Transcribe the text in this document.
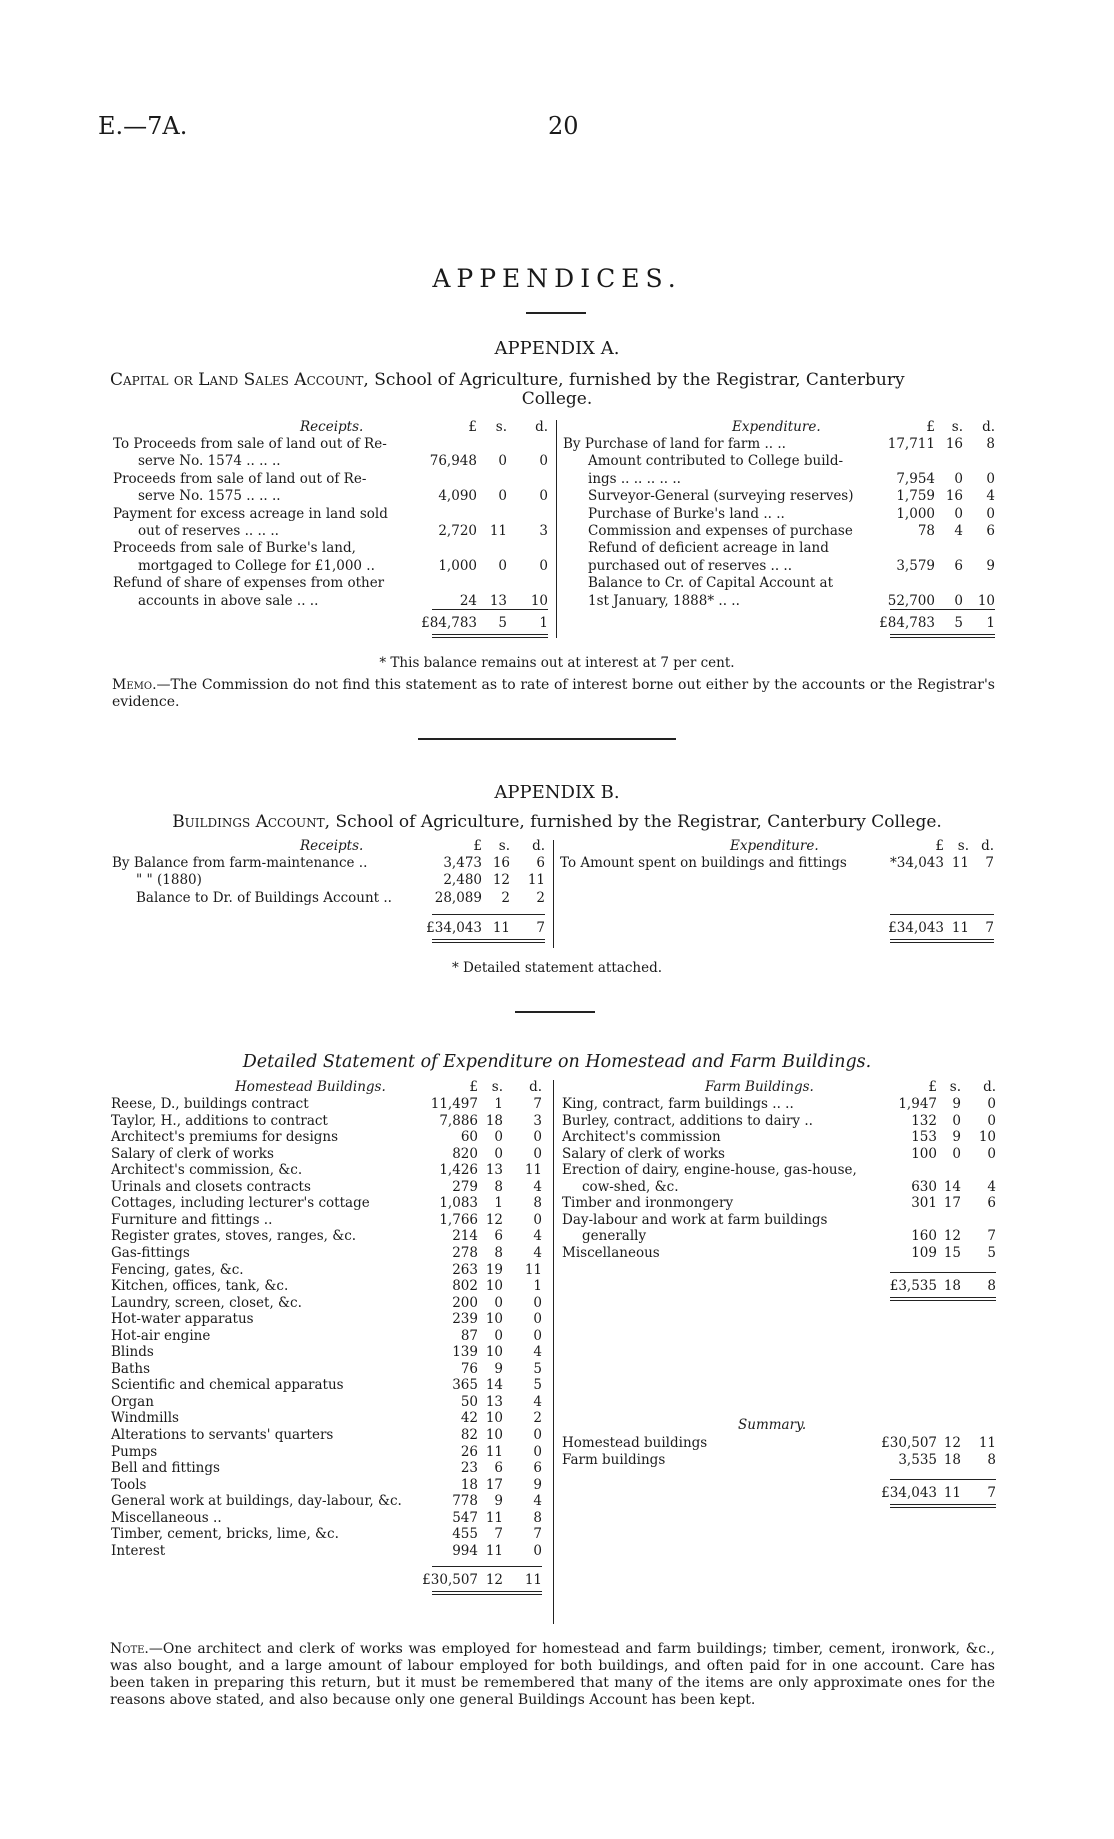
E.—7A.	20
APPENDICES.
APPENDIX A.
Capital or Land Sales Account, School of Agriculture, furnished by the Registrar, Canterbury
College.
Receipts.	Expenditure.
£	s.	d.
To Proceeds from sale of land out of Re-
serve No. 1574 .. .. ..	76,948	0	0
Proceeds from sale of land out of Re-
serve No. 1575 .. .. ..	4,090	0	0
Payment for excess acreage in land sold
out of reserves .. .. ..	2,720 11	3
Proceeds from sale of Burke's land,
mortgaged to College for £1,000 ..	1,000	0	0
Refund of share of expenses from other
accounts in above sale .. ..	24 13	10
£84,783	5	1
£	s.	d.
By Purchase of land for farm .. ..	17,711 16	8
Amount contributed to College build-
ings .. .. .. .. ..	7,954	0	0
Surveyor-General (surveying reserves)	1,759 16	4
Purchase of Burke's land .. ..	1,000	0	0
Commission and expenses of purchase	78	4	6
Refund of deficient acreage in land
purchased out of reserves .. ..	3,579	6	9
Balance to Cr. of Capital Account at
1st January, 1888* .. ..	52,700	0	10
£84,783	5	1
* This balance remains out at interest at 7 per cent.
Memo.—The Commission do not find this statement as to rate of interest borne out either by the accounts or the Registrar's evidence.
APPENDIX B.
Buildings Account, School of Agriculture, furnished by the Registrar, Canterbury College.
Receipts.	Expenditure.
£	s.	d.
By Balance from farm-maintenance ..	3,473 16	6
" " (1880)	2,480 12	11
Balance to Dr. of Buildings Account ..	28,089	2	2
£34,043 11	7
£	s. d.
To Amount spent on buildings and fittings	*34,043 11	7
£34,043 11	7
* Detailed statement attached.
Detailed Statement of Expenditure on Homestead and Farm Buildings.
Homestead Buildings.	Farm Buildings.
£	s.	d.
Reese, D., buildings contract	11,497	1	7
Taylor, H., additions to contract	7,886 18	3
Architect's premiums for designs	60	0	0
Salary of clerk of works	820	0	0
Architect's commission, &c.	1,426 13	11
Urinals and closets contracts	279	8	4
Cottages, including lecturer's cottage	1,083	1	8
Furniture and fittings ..	1,766 12	0
Register grates, stoves, ranges, &c.	214	6	4
Gas-fittings	278	8	4
Fencing, gates, &c.	263 19	11
Kitchen, offices, tank, &c.	802 10	1
Laundry, screen, closet, &c.	200	0	0
Hot-water apparatus	239 10	0
Hot-air engine	87	0	0
Blinds	139 10	4
Baths	76	9	5
Scientific and chemical apparatus	365 14	5
Organ	50 13	4
Windmills	42 10	2
Alterations to servants' quarters	82 10	0
Pumps	26 11	0
Bell and fittings	23	6	6
Tools	18 17	9
General work at buildings, day-labour, &c.	778	9	4
Miscellaneous ..	547 11	8
Timber, cement, bricks, lime, &c.	455	7	7
Interest	994 11	0
£30,507 12	11
£ s.	d.
King, contract, farm buildings .. ..	1,947	9	0
Burley, contract, additions to dairy ..	132	0	0
Architect's commission	153	9	10
Salary of clerk of works	100	0	0
Erection of dairy, engine-house, gas-house,
cow-shed, &c.	630 14	4
Timber and ironmongery	301 17	6
Day-labour and work at farm buildings
generally	160 12	7
Miscellaneous	109 15	5
£3,535 18	8
Summary.
Homestead buildings	£30,507 12	11
Farm buildings	3,535 18	8
£34,043 11	7
Note.—One architect and clerk of works was employed for homestead and farm buildings; timber, cement, ironwork, &c., was also bought, and a large amount of labour employed for both buildings, and often paid for in one account. Care has been taken in preparing this return, but it must be remembered that many of the items are only approximate ones for the reasons above stated, and also because only one general Buildings Account has been kept.
